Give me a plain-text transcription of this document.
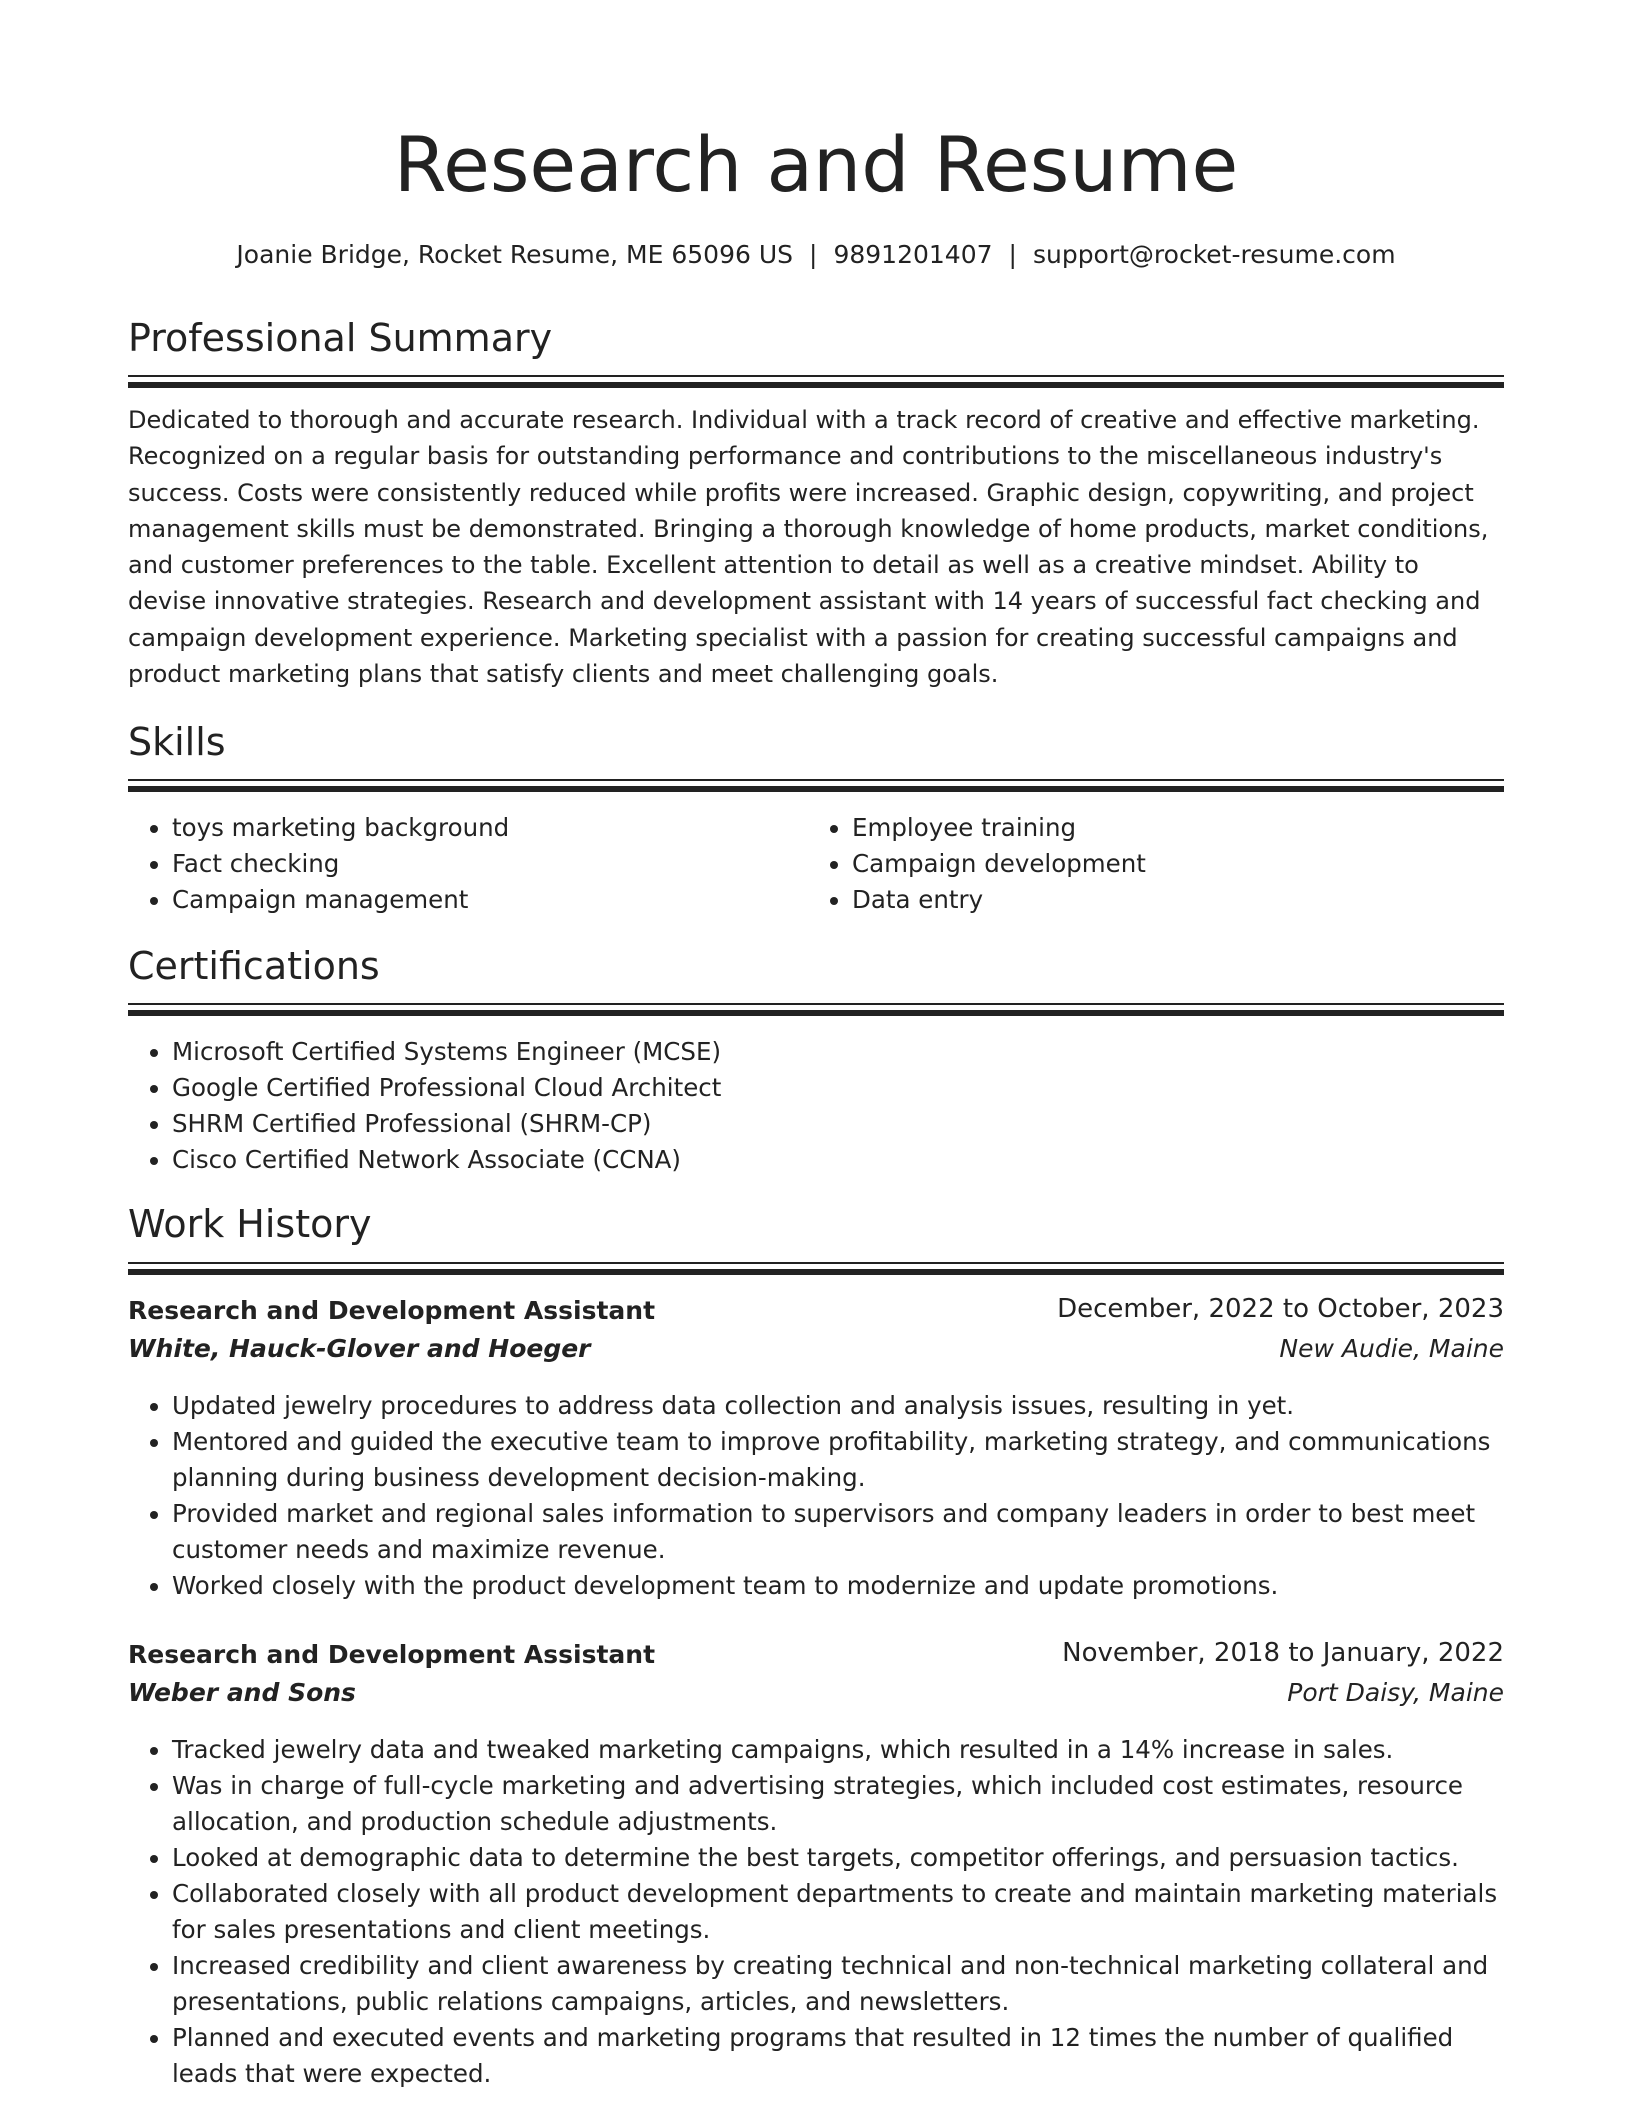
Research and Resume
Joanie Bridge, Rocket Resume, ME 65096 US | 9891201407 | support@rocket-resume.com
Professional Summary

Dedicated to thorough and accurate research. Individual with a track record of creative and effective marketing. Recognized on a regular basis for outstanding performance and contributions to the miscellaneous industry's success. Costs were consistently reduced while profits were increased. Graphic design, copywriting, and project management skills must be demonstrated. Bringing a thorough knowledge of home products, market conditions, and customer preferences to the table. Excellent attention to detail as well as a creative mindset. Ability to devise innovative strategies. Research and development assistant with 14 years of successful fact checking and campaign development experience. Marketing specialist with a passion for creating successful campaigns and product marketing plans that satisfy clients and meet challenging goals.

Skills
• toys marketing background
• Fact checking
• Campaign management
• Employee training
• Campaign development
• Data entry
Certifications
• Microsoft Certified Systems Engineer (MCSE)
• Google Certified Professional Cloud Architect
• SHRM Certified Professional (SHRM-CP)
• Cisco Certified Network Associate (CCNA)
Work History
Research and Development Assistant	December, 2022 to October, 2023
White, Hauck-Glover and Hoeger	New Audie, Maine
• Updated jewelry procedures to address data collection and analysis issues, resulting in yet.
• Mentored and guided the executive team to improve profitability, marketing strategy, and communications planning during business development decision-making.
• Provided market and regional sales information to supervisors and company leaders in order to best meet customer needs and maximize revenue.
• Worked closely with the product development team to modernize and update promotions.
Research and Development Assistant	November, 2018 to January, 2022
Weber and Sons	Port Daisy, Maine
• Tracked jewelry data and tweaked marketing campaigns, which resulted in a 14% increase in sales.
• Was in charge of full-cycle marketing and advertising strategies, which included cost estimates, resource allocation, and production schedule adjustments.
• Looked at demographic data to determine the best targets, competitor offerings, and persuasion tactics.
• Collaborated closely with all product development departments to create and maintain marketing materials for sales presentations and client meetings.
• Increased credibility and client awareness by creating technical and non-technical marketing collateral and presentations, public relations campaigns, articles, and newsletters.
• Planned and executed events and marketing programs that resulted in 12 times the number of qualified leads that were expected.
